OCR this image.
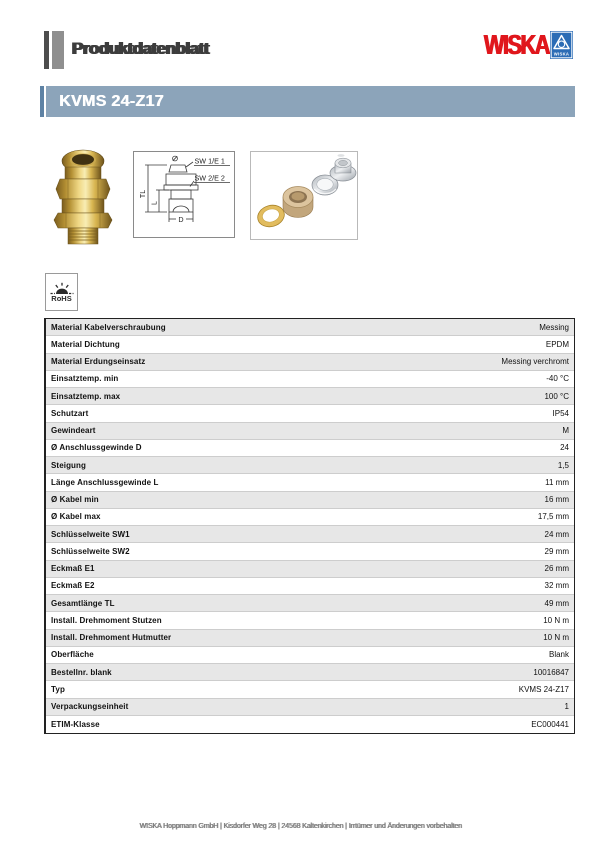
Produktdatenblatt	WISKA WISKA
KVMS 24-Z17
SW 1/E 1
SW 2/E 2
TL
L
D
RoHS
Material Kabelverschraubung	Messing
Material Dichtung	EPDM
Material Erdungseinsatz	Messing verchromt
Einsatztemp. min	-40 °C
Einsatztemp. max	100 °C
Schutzart	IP54
Gewindeart	M
Ø Anschlussgewinde D	24
Steigung	1,5
Länge Anschlussgewinde L	11 mm
Ø Kabel min	16 mm
Ø Kabel max	17,5 mm
Schlüsselweite SW1	24 mm
Schlüsselweite SW2	29 mm
Eckmaß E1	26 mm
Eckmaß E2	32 mm
Gesamtlänge TL	49 mm
Install. Drehmoment Stutzen	10 N m
Install. Drehmoment Hutmutter	10 N m
Oberfläche	Blank
Bestellnr. blank	10016847
Typ	KVMS 24-Z17
Verpackungseinheit	1
ETIM-Klasse	EC000441
WISKA Hoppmann GmbH | Kisdorfer Weg 28 | 24568 Kaltenkirchen | Irrtümer und Änderungen vorbehalten
